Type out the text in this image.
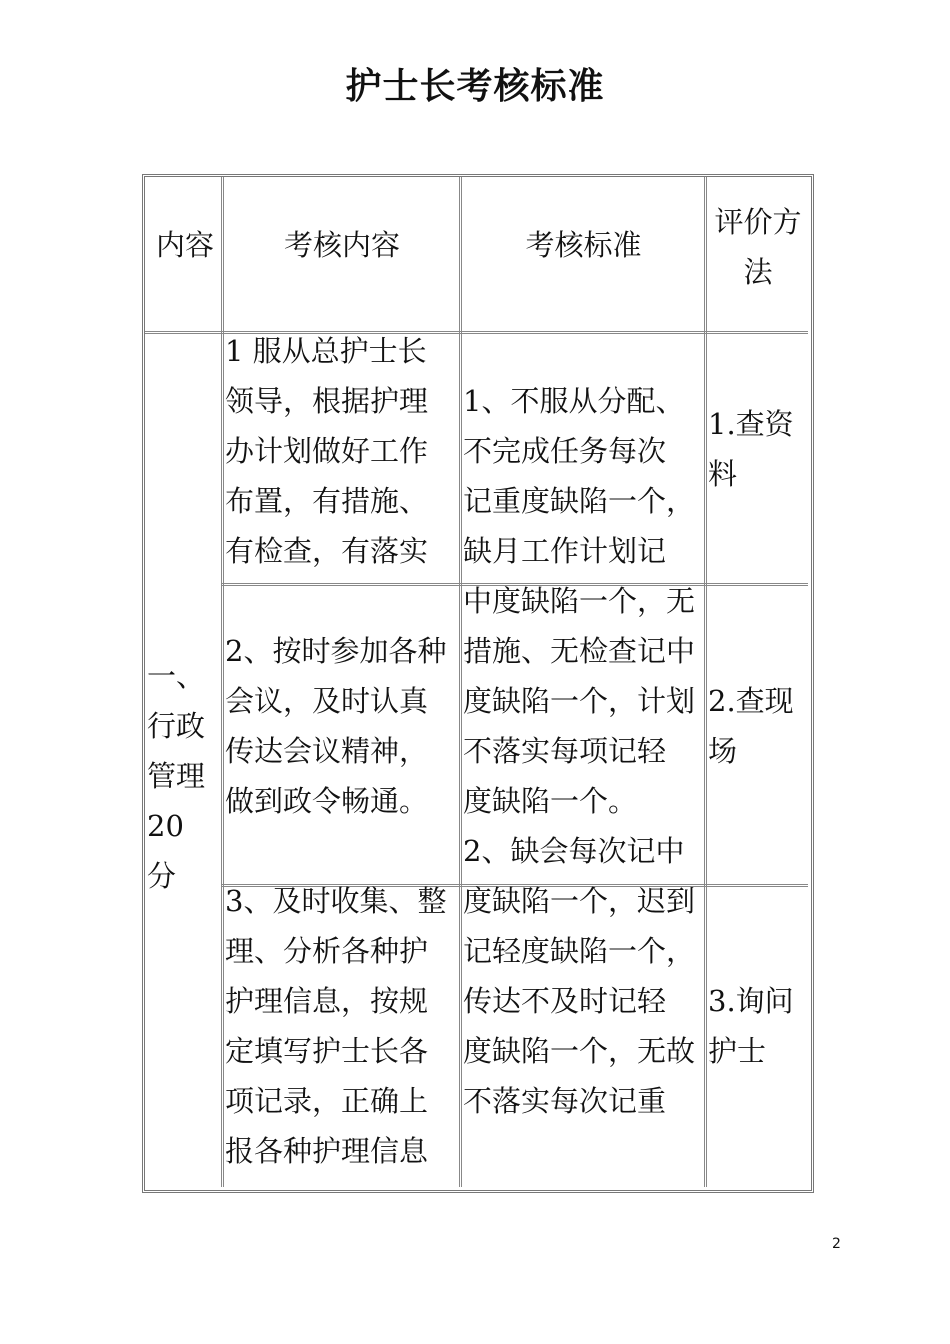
护士长考核标准
内容	考核内容	考核标准
评价方法
一、
行政
管理
20 分
1 服从总护士长
领导，根据护理
办计划做好工作
布置，有措施、
有检查，有落实
2、按时参加各种
会议，及时认真
传达会议精神，
做到政令畅通。
3、及时收集、整
理、分析各种护
护理信息，按规
定填写护士长各
项记录，正确上
报各种护理信息
1、不服从分配、
不完成任务每次
记重度缺陷一个，
缺月工作计划记
中度缺陷一个，无
措施、无检查记中
度缺陷一个，计划
不落实每项记轻
度缺陷一个。
2、缺会每次记中
度缺陷一个，迟到
记轻度缺陷一个，
传达不及时记轻
度缺陷一个，无故
不落实每次记重
1.查资
料
2.查现
场
3.询问
护士
2
